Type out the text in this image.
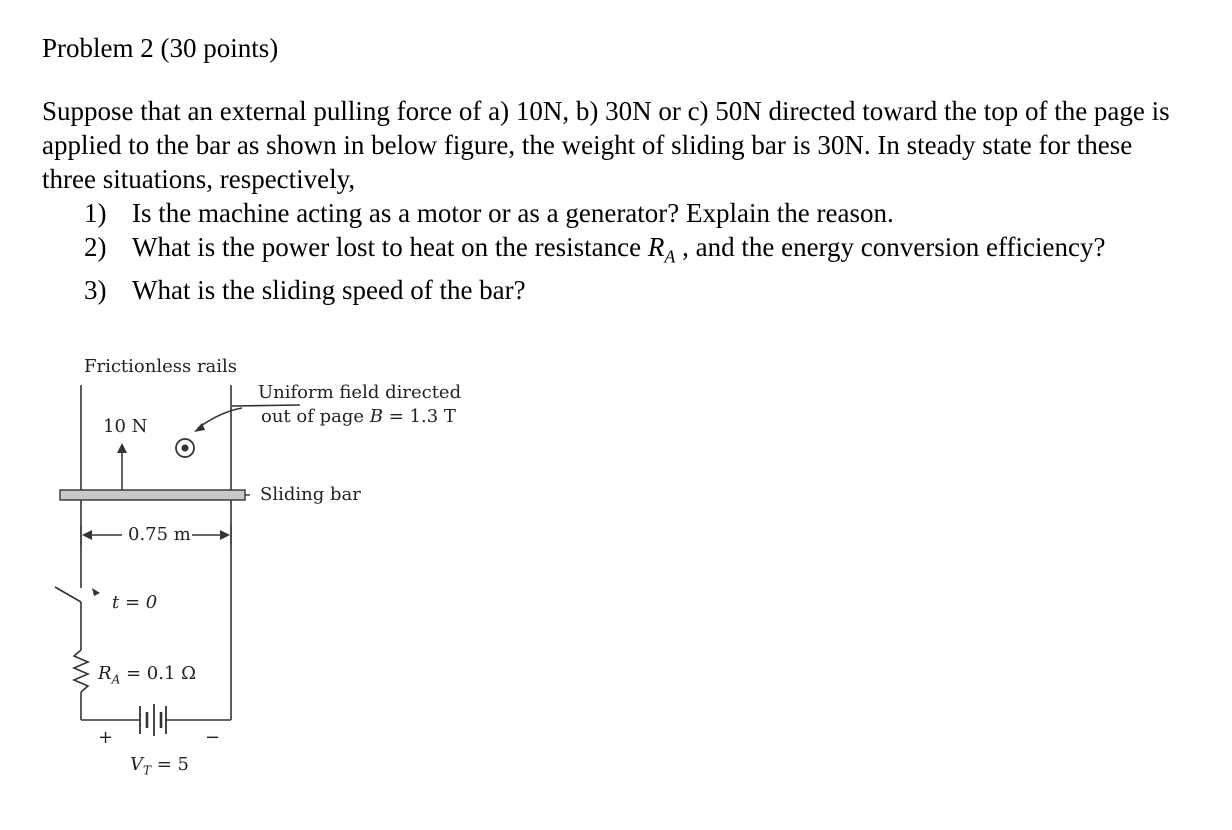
Problem 2 (30 points)

Suppose that an external pulling force of a) 10N, b) 30N or c) 50N directed toward the top of the page is applied to the bar as shown in below figure, the weight of sliding bar is 30N. In steady state for these three situations, respectively,

1) Is the machine acting as a motor or as a generator? Explain the reason.
2) What is the power lost to heat on the resistance $R_A$ , and the energy conversion efficiency?
3) What is the sliding speed of the bar?
Frictionless rails
Uniform field directed
out of page B = 1.3 T
10 N
Sliding bar
0.75 m
t = 0
$R_A = 0.1$ Ω
+	−
$V_T = 5$
